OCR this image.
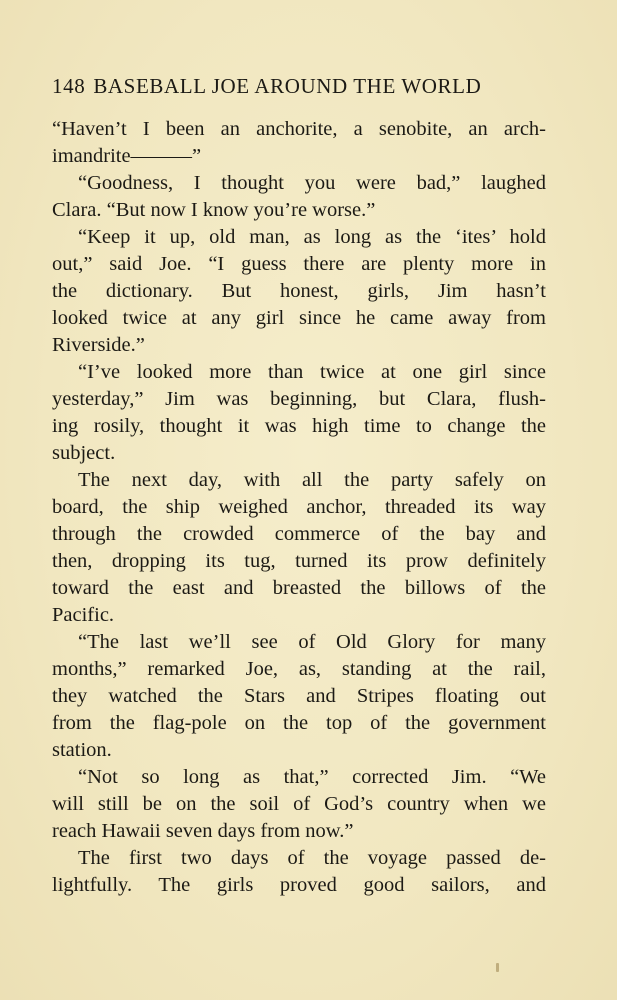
148 BASEBALL JOE AROUND THE WORLD
“Haven’t I been an anchorite, a senobite, an arch-
imandrite———”
“Goodness, I thought you were bad,” laughed
Clara. “But now I know you’re worse.”
“Keep it up, old man, as long as the ‘ites’ hold
out,” said Joe. “I guess there are plenty more in
the dictionary. But honest, girls, Jim hasn’t
looked twice at any girl since he came away from
Riverside.”
“I’ve looked more than twice at one girl since
yesterday,” Jim was beginning, but Clara, flush-
ing rosily, thought it was high time to change the
subject.
The next day, with all the party safely on
board, the ship weighed anchor, threaded its way
through the crowded commerce of the bay and
then, dropping its tug, turned its prow definitely
toward the east and breasted the billows of the
Pacific.
“The last we’ll see of Old Glory for many
months,” remarked Joe, as, standing at the rail,
they watched the Stars and Stripes floating out
from the flag-pole on the top of the government
station.
“Not so long as that,” corrected Jim. “We
will still be on the soil of God’s country when we
reach Hawaii seven days from now.”
The first two days of the voyage passed de-
lightfully. The girls proved good sailors, and
